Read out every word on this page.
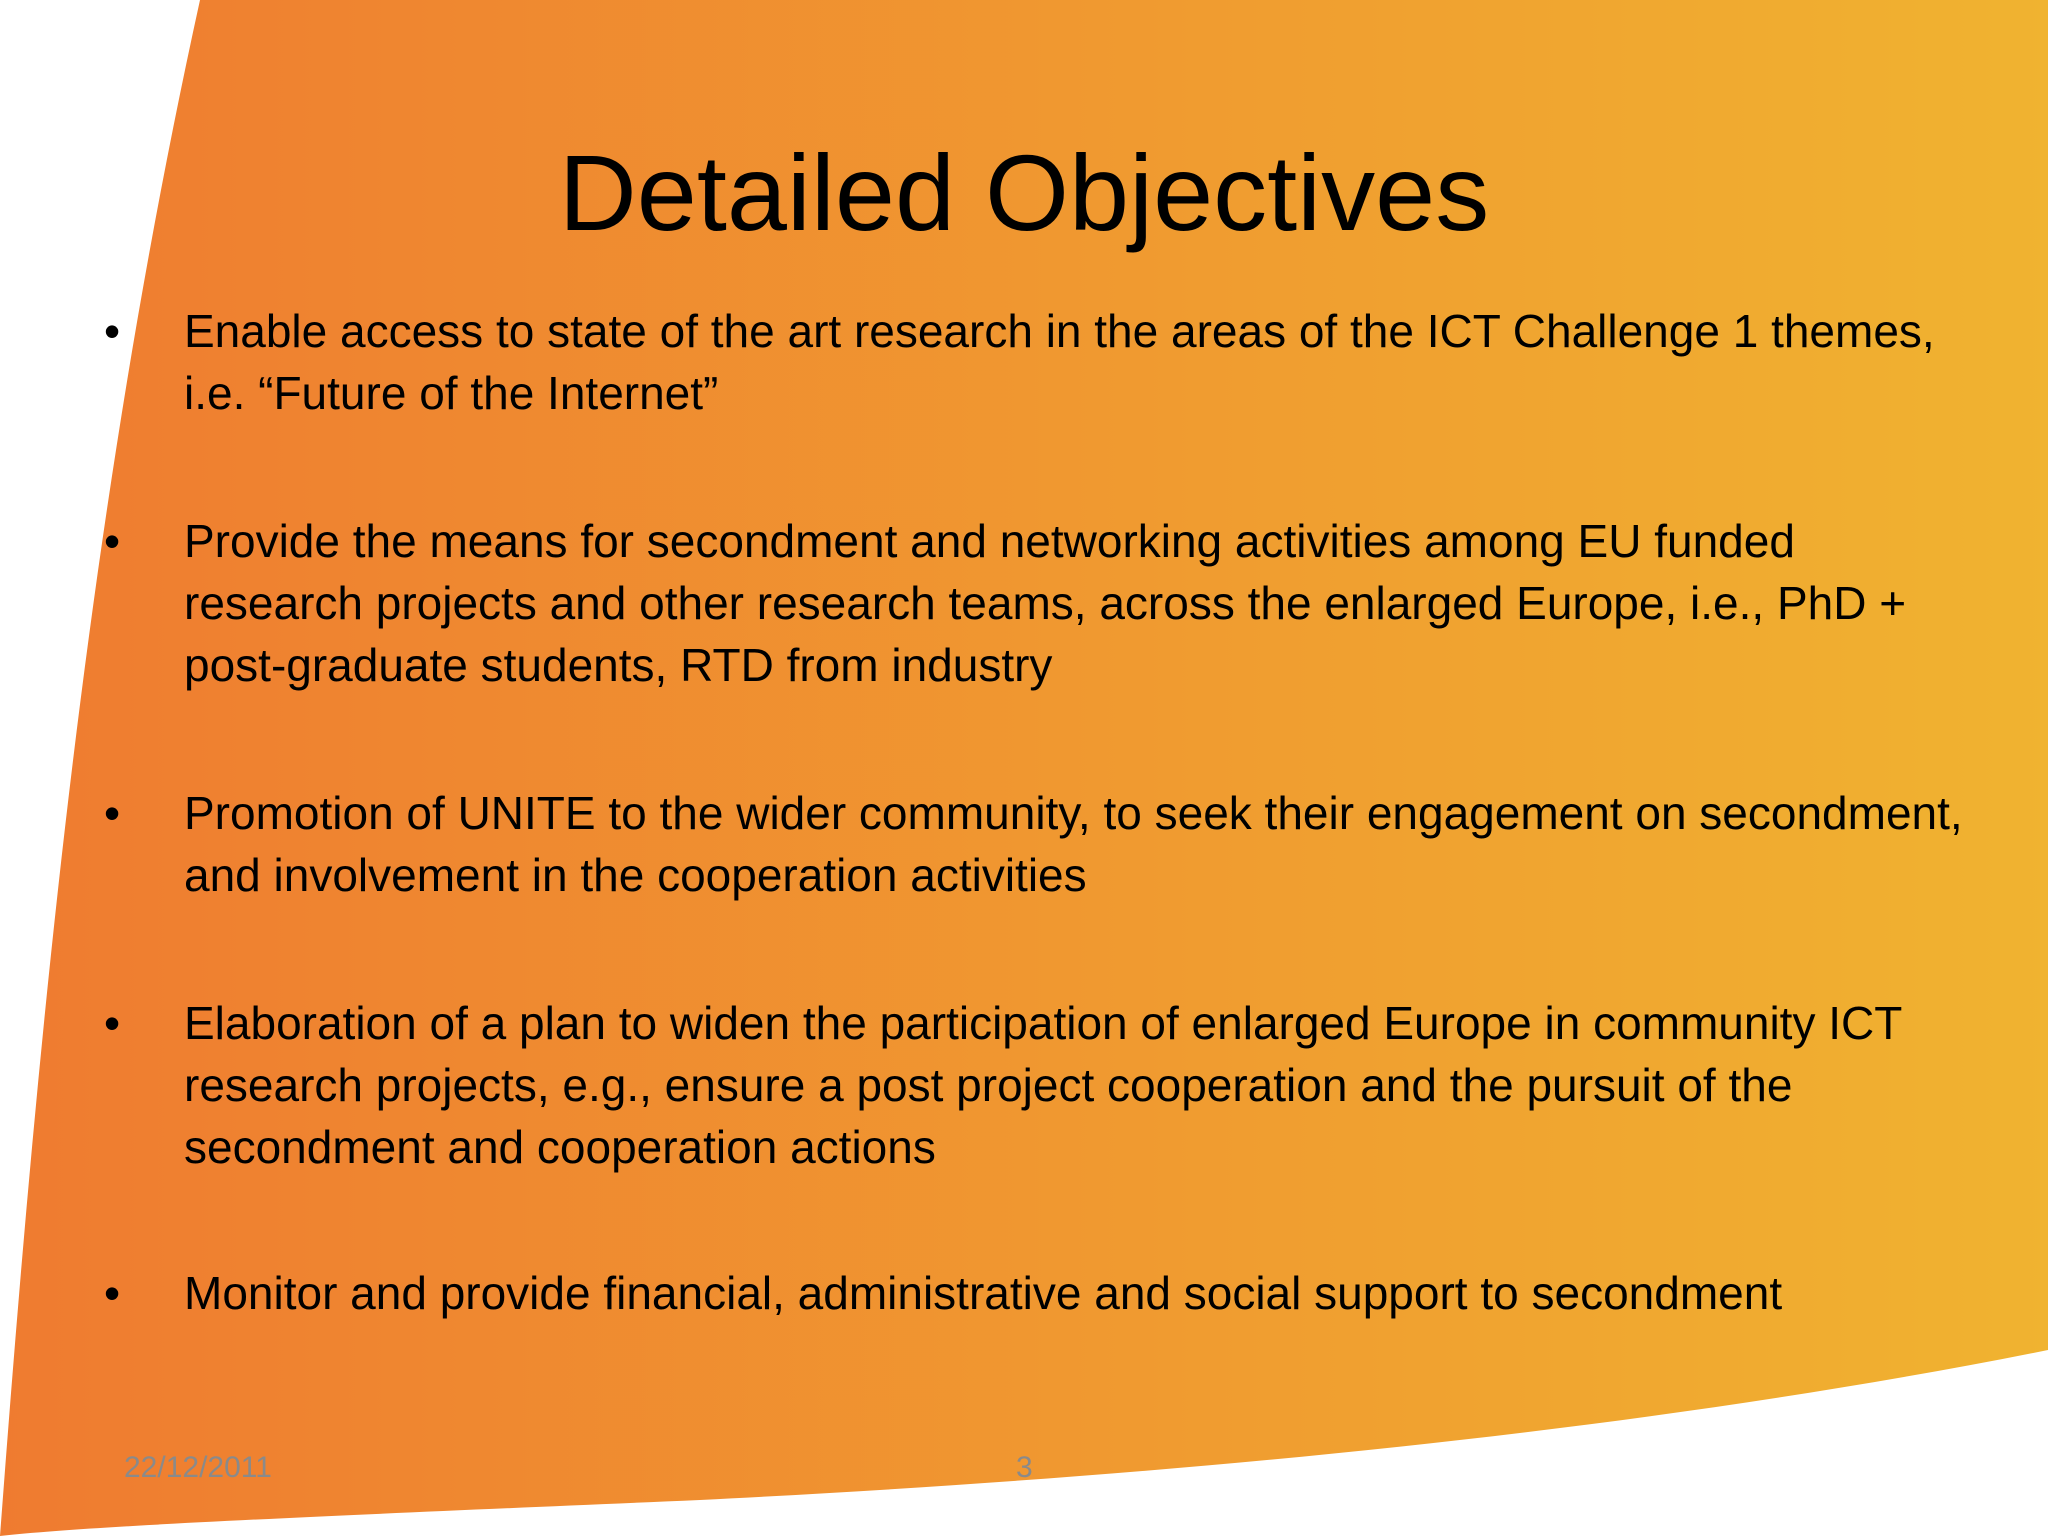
Detailed Objectives
• Enable access to state of the art research in the areas of the ICT Challenge 1 themes, i.e. “Future of the Internet”
• Provide the means for secondment and networking activities among EU funded research projects and other research teams, across the enlarged Europe, i.e., PhD + post-graduate students, RTD from industry
• Promotion of UNITE to the wider community, to seek their engagement on secondment, and involvement in the cooperation activities
• Elaboration of a plan to widen the participation of enlarged Europe in community ICT research projects, e.g., ensure a post project cooperation and the pursuit of the secondment and cooperation actions
• Monitor and provide financial, administrative and social support to secondment
22/12/2011	3
